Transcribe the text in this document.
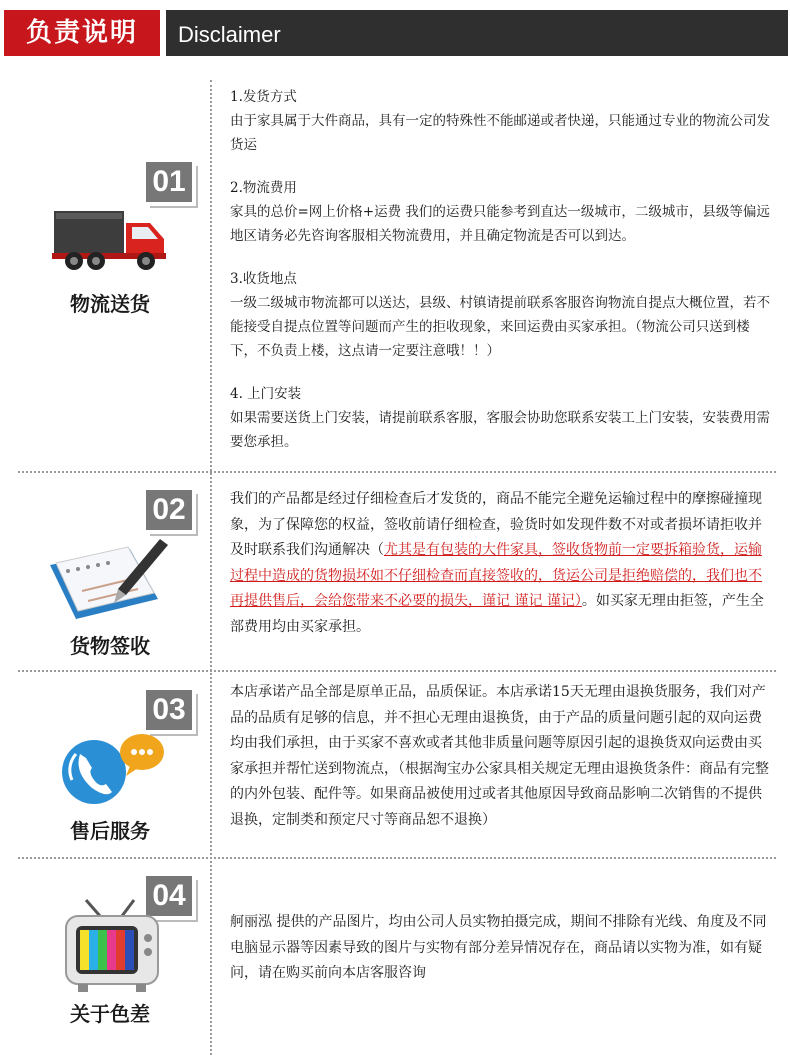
负责说明	Disclaimer
01
物流送货

1.发货方式

由于家具属于大件商品，具有一定的特殊性不能邮递或者快递，只能通过专业的物流公司发货运

2.物流费用

家具的总价=网上价格+运费 我们的运费只能参考到直达一级城市，二级城市，县级等偏远地区请务必先咨询客服相关物流费用，并且确定物流是否可以到达。

3.收货地点

一级二级城市物流都可以送达，县级、村镇请提前联系客服咨询物流自提点大概位置，若不能接受自提点位置等问题而产生的拒收现象，来回运费由买家承担。（物流公司只送到楼下，不负责上楼，这点请一定要注意哦！！）

4. 上门安装

如果需要送货上门安装，请提前联系客服，客服会协助您联系安装工上门安装，安装费用需要您承担。

02
货物签收
我们的产品都是经过仔细检查后才发货的，商品不能完全避免运输过程中的摩擦碰撞现象，为了保障您的权益，签收前请仔细检查，验货时如发现件数不对或者损坏请拒收并及时联系我们沟通解决（尤其是有包装的大件家具，签收货物前一定要拆箱验货，运输过程中造成的货物损坏如不仔细检查而直接签收的，货运公司是拒绝赔偿的，我们也不再提供售后，会给您带来不必要的损失，谨记 谨记 谨记）。如买家无理由拒签，产生全部费用均由买家承担。
03
售后服务
本店承诺产品全部是原单正品，品质保证。本店承诺15天无理由退换货服务，我们对产品的品质有足够的信息，并不担心无理由退换货，由于产品的质量问题引起的双向运费均由我们承担，由于买家不喜欢或者其他非质量问题等原因引起的退换货双向运费由买家承担并帮忙送到物流点，（根据淘宝办公家具相关规定无理由退换货条件：商品有完整的内外包装、配件等。如果商品被使用过或者其他原因导致商品影响二次销售的不提供退换，定制类和预定尺寸等商品恕不退换）
04
关于色差
舸丽泓 提供的产品图片，均由公司人员实物拍摄完成，期间不排除有光线、角度及不同电脑显示器等因素导致的图片与实物有部分差异情况存在，商品请以实物为准，如有疑问，请在购买前向本店客服咨询
